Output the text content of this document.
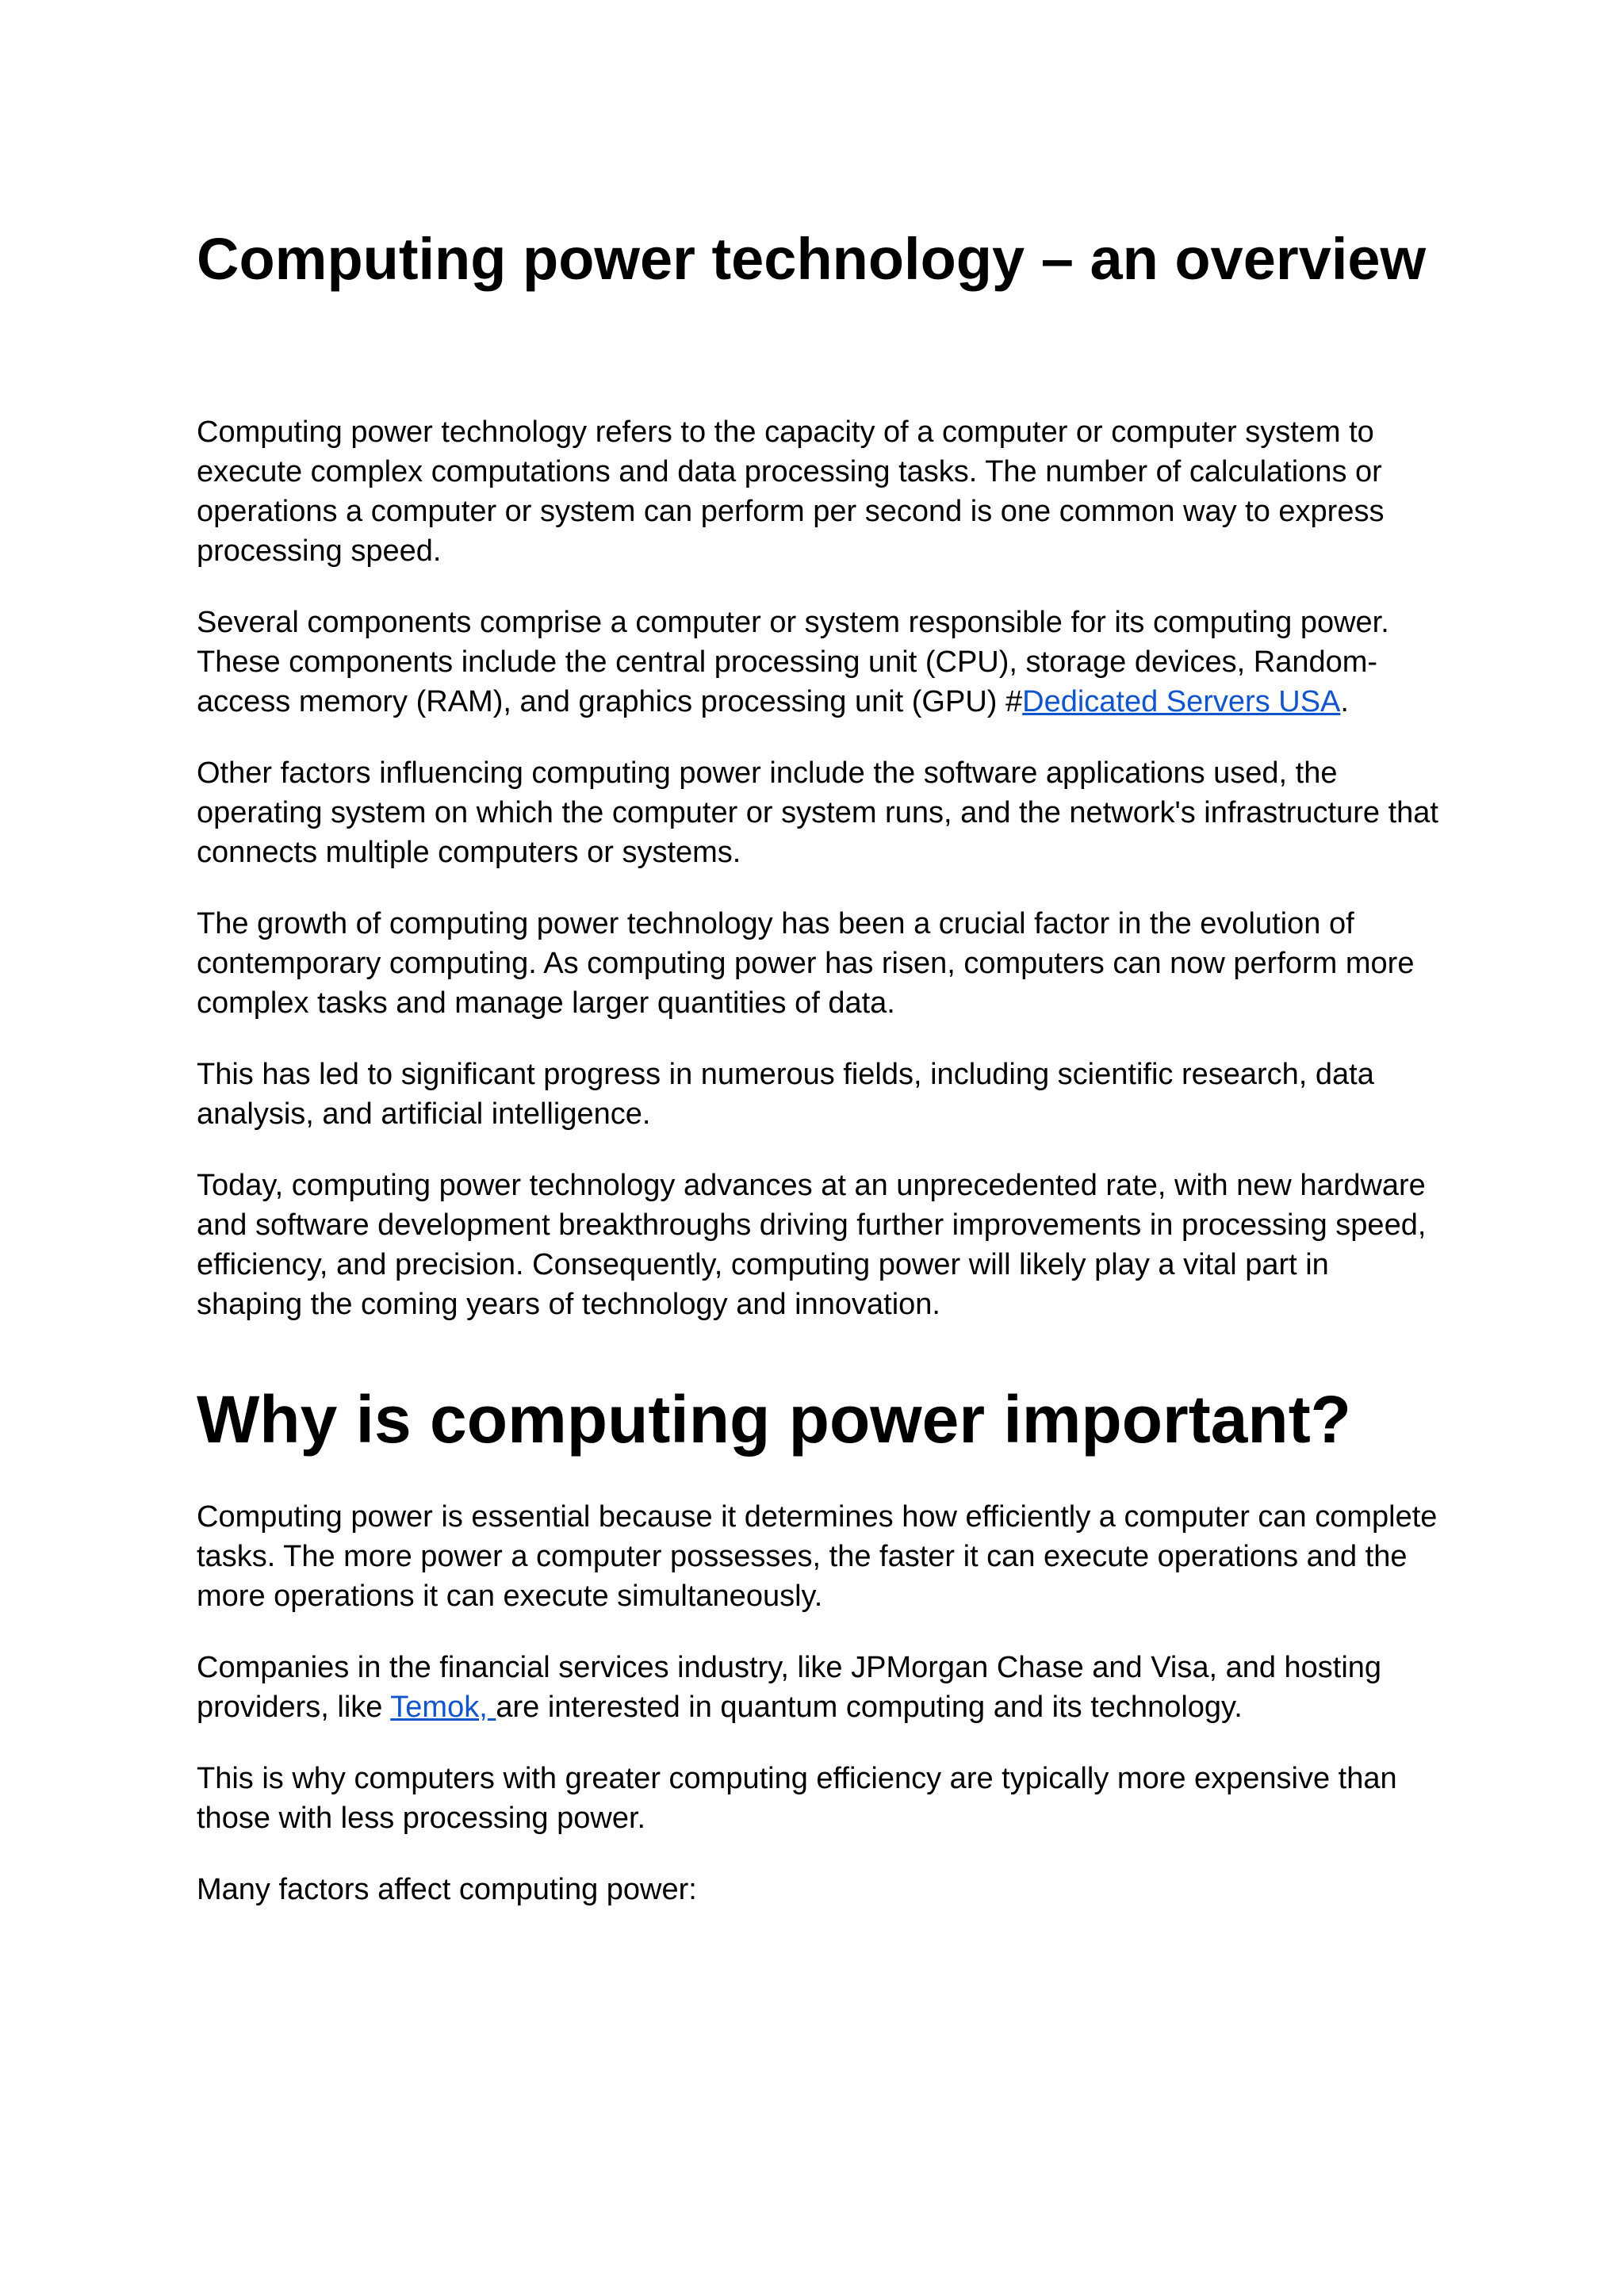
Computing power technology – an overview

Computing power technology refers to the capacity of a computer or computer system to execute complex computations and data processing tasks. The number of calculations or operations a computer or system can perform per second is one common way to express processing speed.

Several components comprise a computer or system responsible for its computing power. These components include the central processing unit (CPU), storage devices, Random-access memory (RAM), and graphics processing unit (GPU) #Dedicated Servers USA.

Other factors influencing computing power include the software applications used, the operating system on which the computer or system runs, and the network's infrastructure that connects multiple computers or systems.

The growth of computing power technology has been a crucial factor in the evolution of contemporary computing. As computing power has risen, computers can now perform more complex tasks and manage larger quantities of data.

This has led to significant progress in numerous fields, including scientific research, data analysis, and artificial intelligence.

Today, computing power technology advances at an unprecedented rate, with new hardware and software development breakthroughs driving further improvements in processing speed, efficiency, and precision. Consequently, computing power will likely play a vital part in shaping the coming years of technology and innovation.

Why is computing power important?

Computing power is essential because it determines how efficiently a computer can complete tasks. The more power a computer possesses, the faster it can execute operations and the more operations it can execute simultaneously.

Companies in the financial services industry, like JPMorgan Chase and Visa, and hosting providers, like Temok, are interested in quantum computing and its technology.

This is why computers with greater computing efficiency are typically more expensive than those with less processing power.

Many factors affect computing power:
